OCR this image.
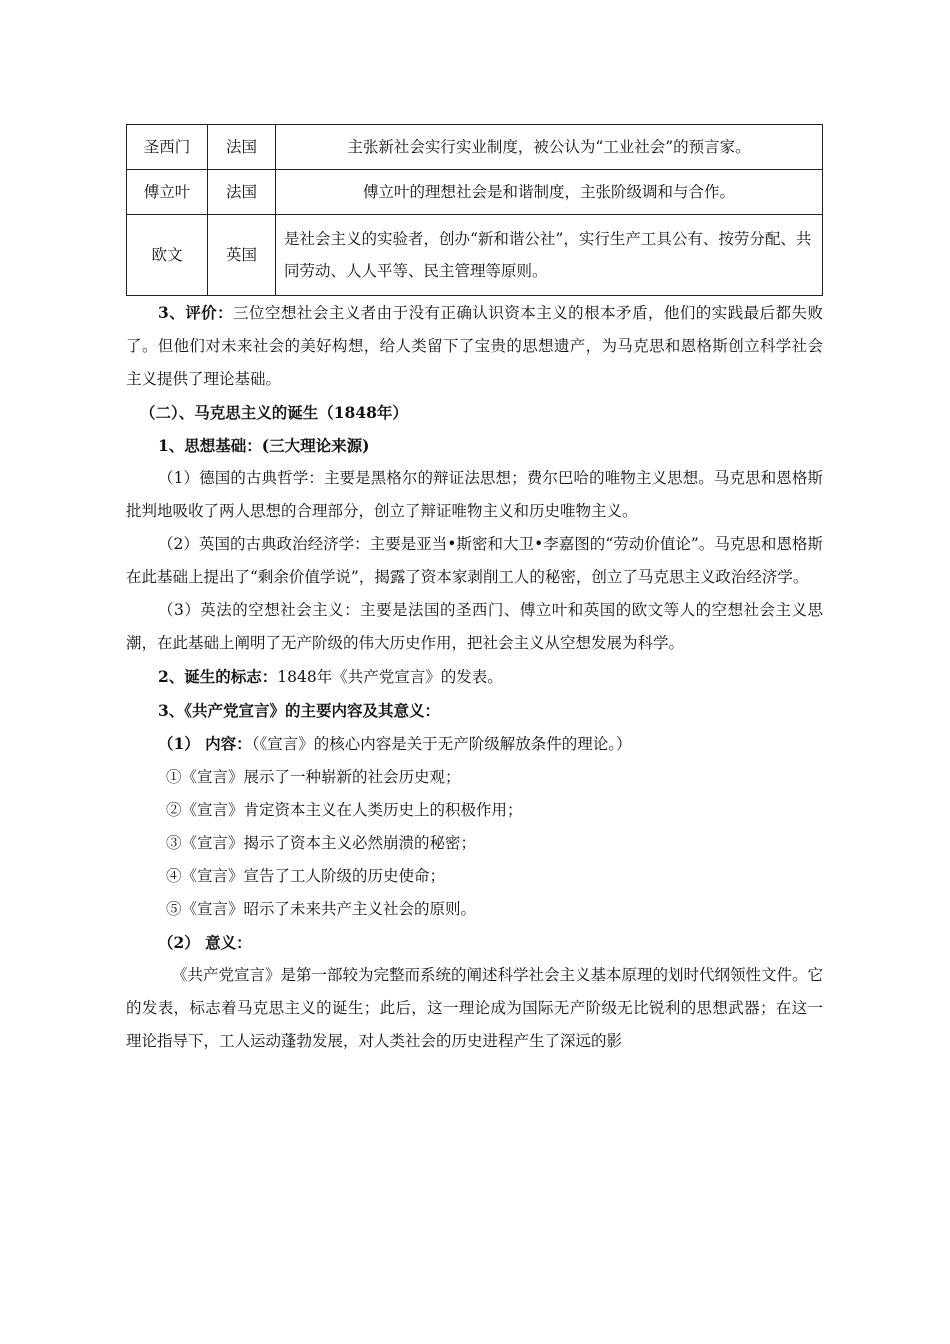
圣西门	法国	主张新社会实行实业制度，被公认为“工业社会”的预言家。
傅立叶	法国	傅立叶的理想社会是和谐制度，主张阶级调和与合作。
欧文	英国	是社会主义的实验者，创办“新和谐公社”，实行生产工具公有、按劳分配、共同劳动、人人平等、民主管理等原则。

3、评价：三位空想社会主义者由于没有正确认识资本主义的根本矛盾，他们的实践最后都失败了。但他们对未来社会的美好构想，给人类留下了宝贵的思想遗产，为马克思和恩格斯创立科学社会主义提供了理论基础。

（二）、马克思主义的诞生（1848年）

1、思想基础：(三大理论来源)

（1）德国的古典哲学：主要是黑格尔的辩证法思想；费尔巴哈的唯物主义思想。马克思和恩格斯批判地吸收了两人思想的合理部分，创立了辩证唯物主义和历史唯物主义。

（2）英国的古典政治经济学：主要是亚当•斯密和大卫•李嘉图的“劳动价值论”。马克思和恩格斯在此基础上提出了“剩余价值学说”，揭露了资本家剥削工人的秘密，创立了马克思主义政治经济学。

（3）英法的空想社会主义：主要是法国的圣西门、傅立叶和英国的欧文等人的空想社会主义思潮，在此基础上阐明了无产阶级的伟大历史作用，把社会主义从空想发展为科学。

2、诞生的标志：1848年《共产党宣言》的发表。

3、《共产党宣言》的主要内容及其意义：

（1） 内容：（《宣言》的核心内容是关于无产阶级解放条件的理论。）

①《宣言》展示了一种崭新的社会历史观；

②《宣言》肯定资本主义在人类历史上的积极作用；

③《宣言》揭示了资本主义必然崩溃的秘密；

④《宣言》宣告了工人阶级的历史使命；

⑤《宣言》昭示了未来共产主义社会的原则。

（2） 意义：

《共产党宣言》是第一部较为完整而系统的阐述科学社会主义基本原理的划时代纲领性文件。它的发表，标志着马克思主义的诞生；此后，这一理论成为国际无产阶级无比锐利的思想武器；在这一理论指导下，工人运动蓬勃发展，对人类社会的历史进程产生了深远的影
